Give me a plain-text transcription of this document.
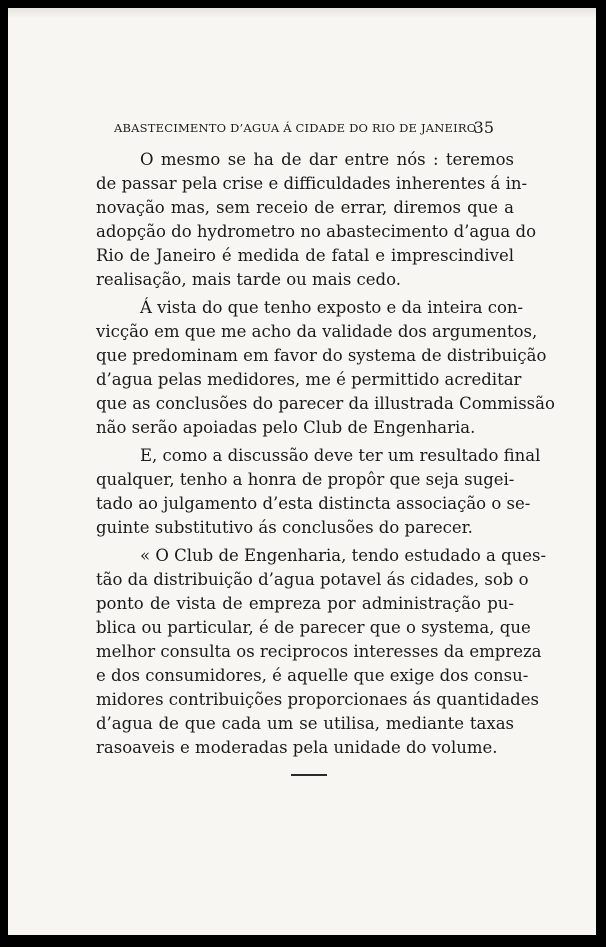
ABASTECIMENTO D’AGUA Á CIDADE DO RIO DE JANEIRO
35
O mesmo se ha de dar entre nós : teremos
de passar pela crise e difficuldades inherentes á in-
novação mas, sem receio de errar, diremos que a
adopção do hydrometro no abastecimento d’agua do
Rio de Janeiro é medida de fatal e imprescindivel
realisação, mais tarde ou mais cedo.
Á vista do que tenho exposto e da inteira con-
vicção em que me acho da validade dos argumentos,
que predominam em favor do systema de distribuição
d’agua pelas medidores, me é permittido acreditar
que as conclusões do parecer da illustrada Commissão
não serão apoiadas pelo Club de Engenharia.
E, como a discussão deve ter um resultado final
qualquer, tenho a honra de propôr que seja sugei-
tado ao julgamento d’esta distincta associação o se-
guinte substitutivo ás conclusões do parecer.
« O Club de Engenharia, tendo estudado a ques-
tão da distribuição d’agua potavel ás cidades, sob o
ponto de vista de empreza por administração pu-
blica ou particular, é de parecer que o systema, que
melhor consulta os reciprocos interesses da empreza
e dos consumidores, é aquelle que exige dos consu-
midores contribuições proporcionaes ás quantidades
d’agua de que cada um se utilisa, mediante taxas
rasoaveis e moderadas pela unidade do volume.
